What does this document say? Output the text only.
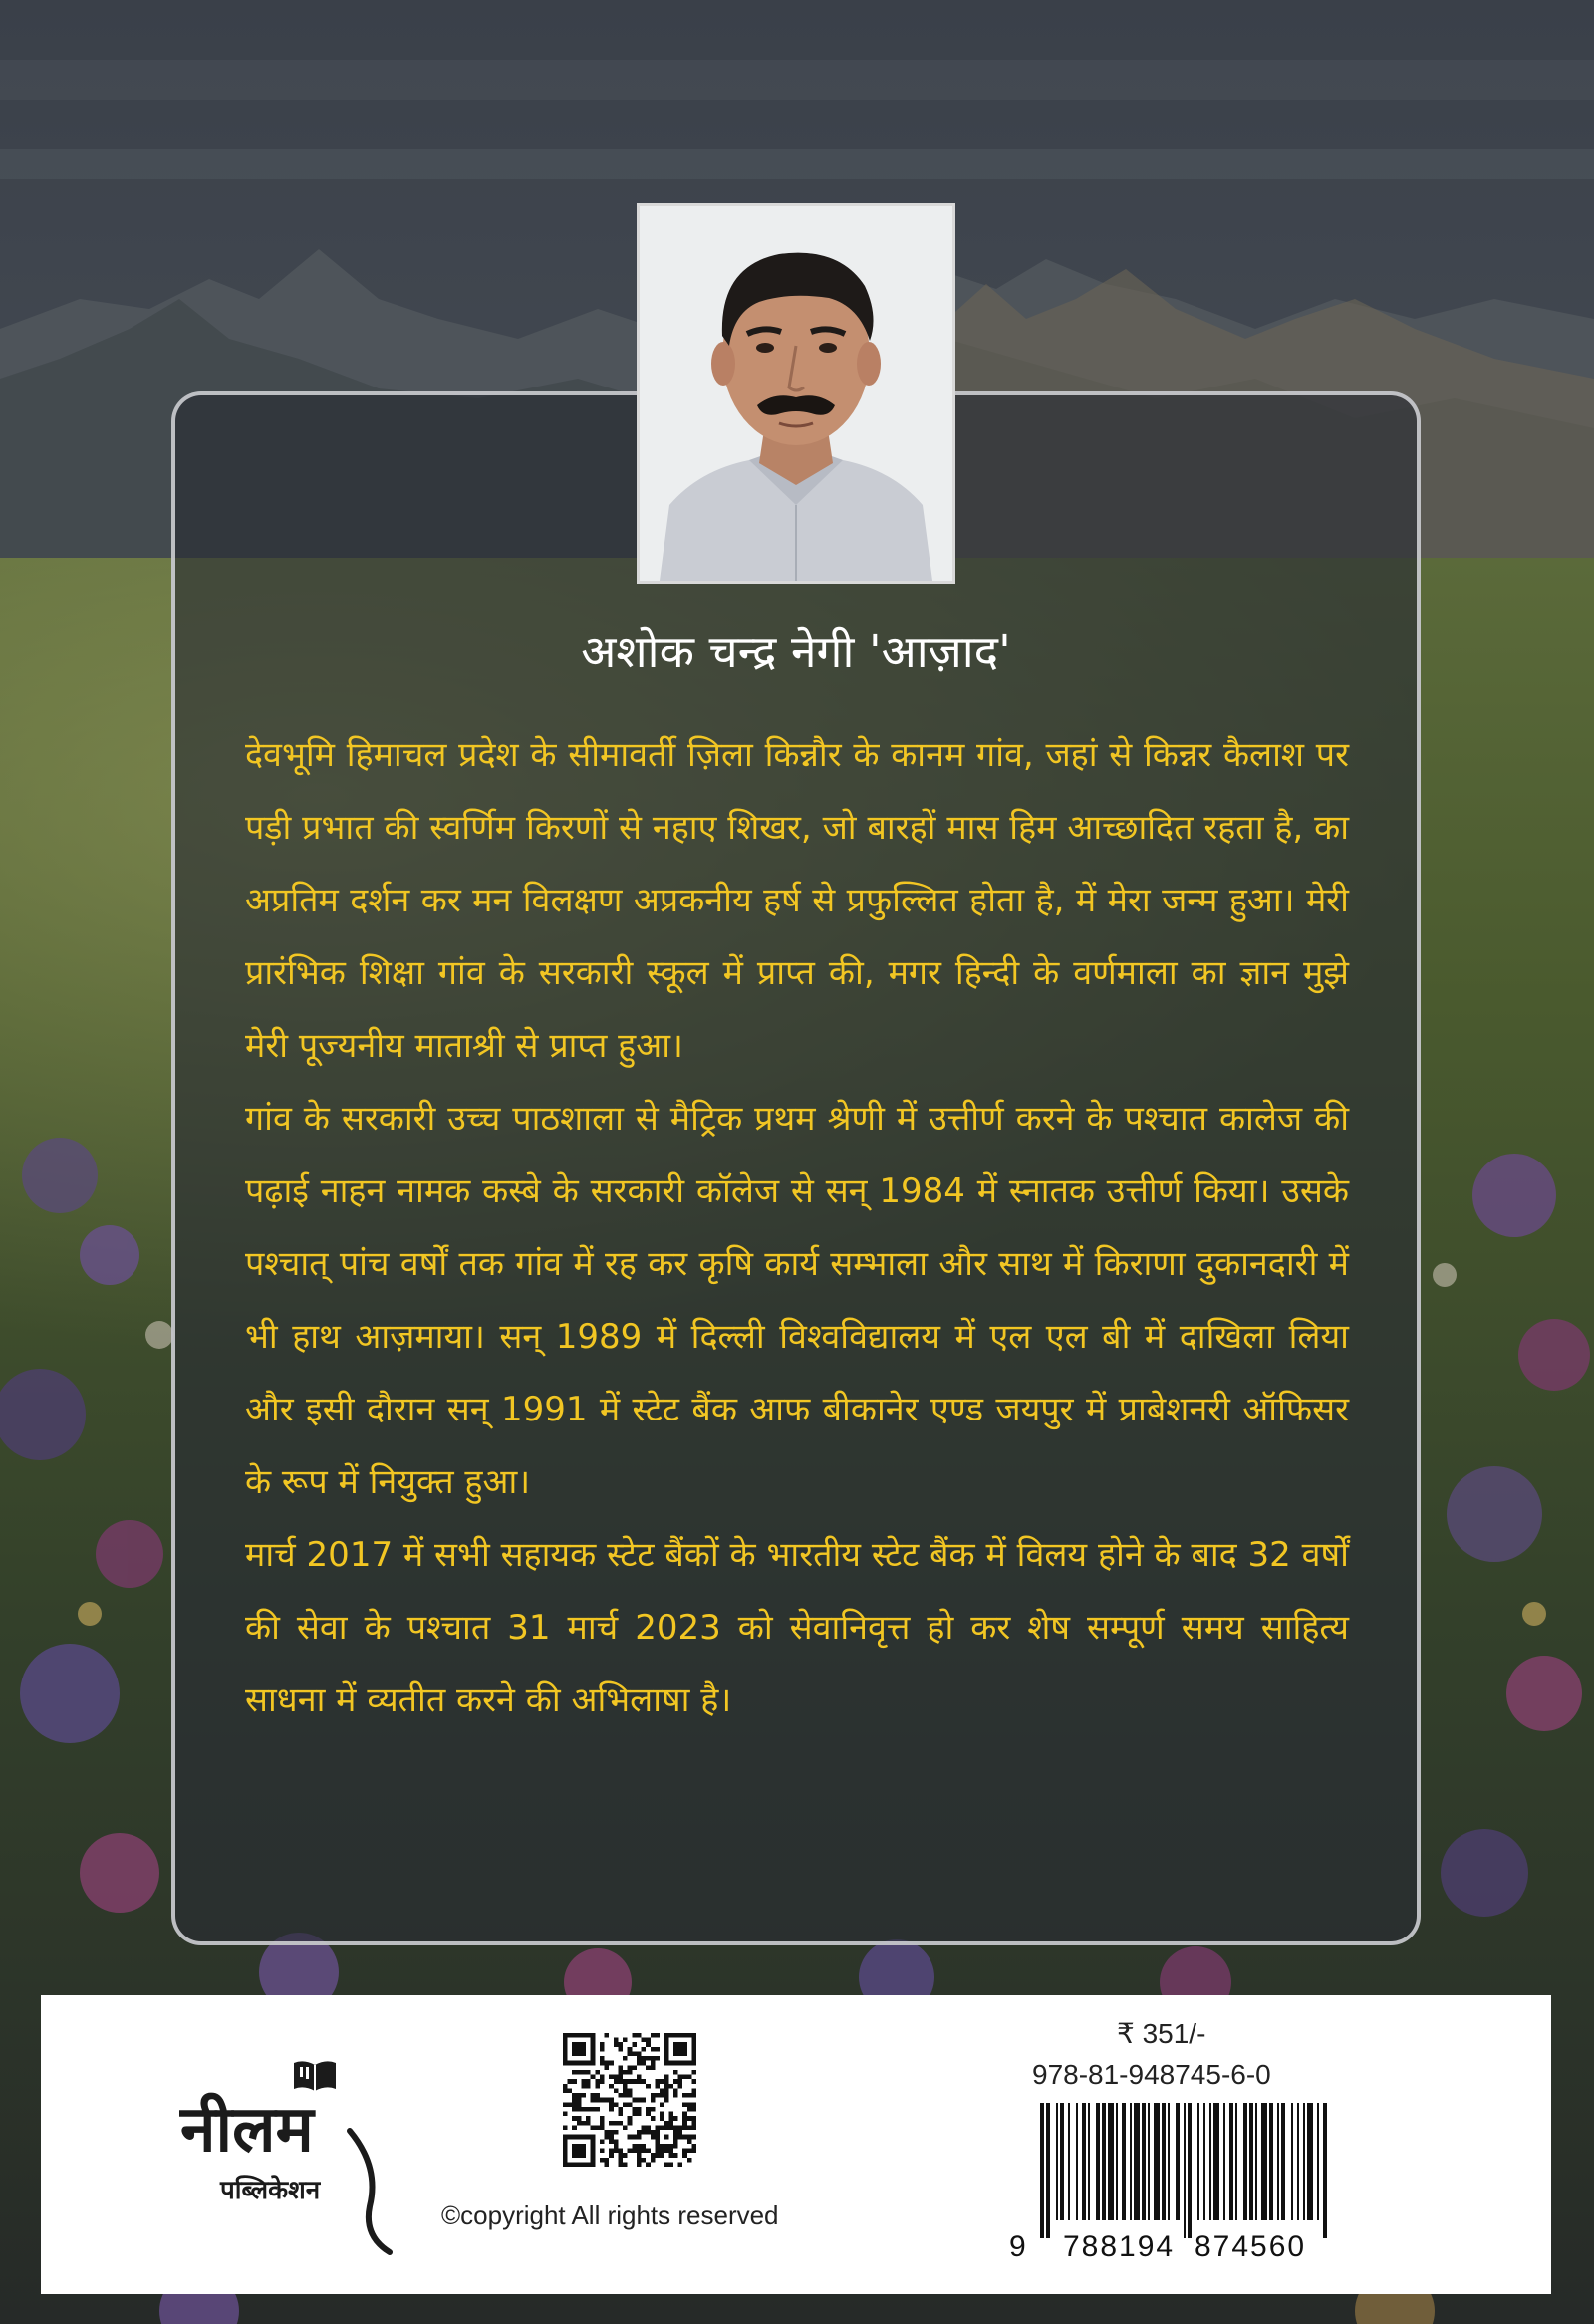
अशोक चन्द्र नेगी 'आज़ाद'

देवभूमि हिमाचल प्रदेश के सीमावर्ती ज़िला किन्नौर के कानम गांव, जहां से किन्नर कैलाश पर पड़ी प्रभात की स्वर्णिम किरणों से नहाए शिखर, जो बारहों मास हिम आच्छादित रहता है, का अप्रतिम दर्शन कर मन विलक्षण अप्रकनीय हर्ष से प्रफुल्लित होता है, में मेरा जन्म हुआ। मेरी प्रारंभिक शिक्षा गांव के सरकारी स्कूल में प्राप्त की, मगर हिन्दी के वर्णमाला का ज्ञान मुझे मेरी पूज्यनीय माताश्री से प्राप्त हुआ।

गांव के सरकारी उच्च पाठशाला से मैट्रिक प्रथम श्रेणी में उत्तीर्ण करने के पश्चात कालेज की पढ़ाई नाहन नामक कस्बे के सरकारी कॉलेज से सन् 1984 में स्नातक उत्तीर्ण किया। उसके पश्चात् पांच वर्षों तक गांव में रह कर कृषि कार्य सम्भाला और साथ में किराणा दुकानदारी में भी हाथ आज़माया। सन् 1989 में दिल्ली विश्वविद्यालय में एल एल बी में दाखिला लिया और इसी दौरान सन् 1991 में स्टेट बैंक आफ बीकानेर एण्ड जयपुर में प्राबेशनरी ऑफिसर के रूप में नियुक्त हुआ।

मार्च 2017 में सभी सहायक स्टेट बैंकों के भारतीय स्टेट बैंक में विलय होने के बाद 32 वर्षों की सेवा के पश्चात 31 मार्च 2023 को सेवानिवृत्त हो कर शेष सम्पूर्ण समय साहित्य साधना में व्यतीत करने की अभिलाषा है।

नीलम
पब्लिकेशन
©copyright All rights reserved
₹ 351/-
978-81-948745-6-0
9 788194 874560
